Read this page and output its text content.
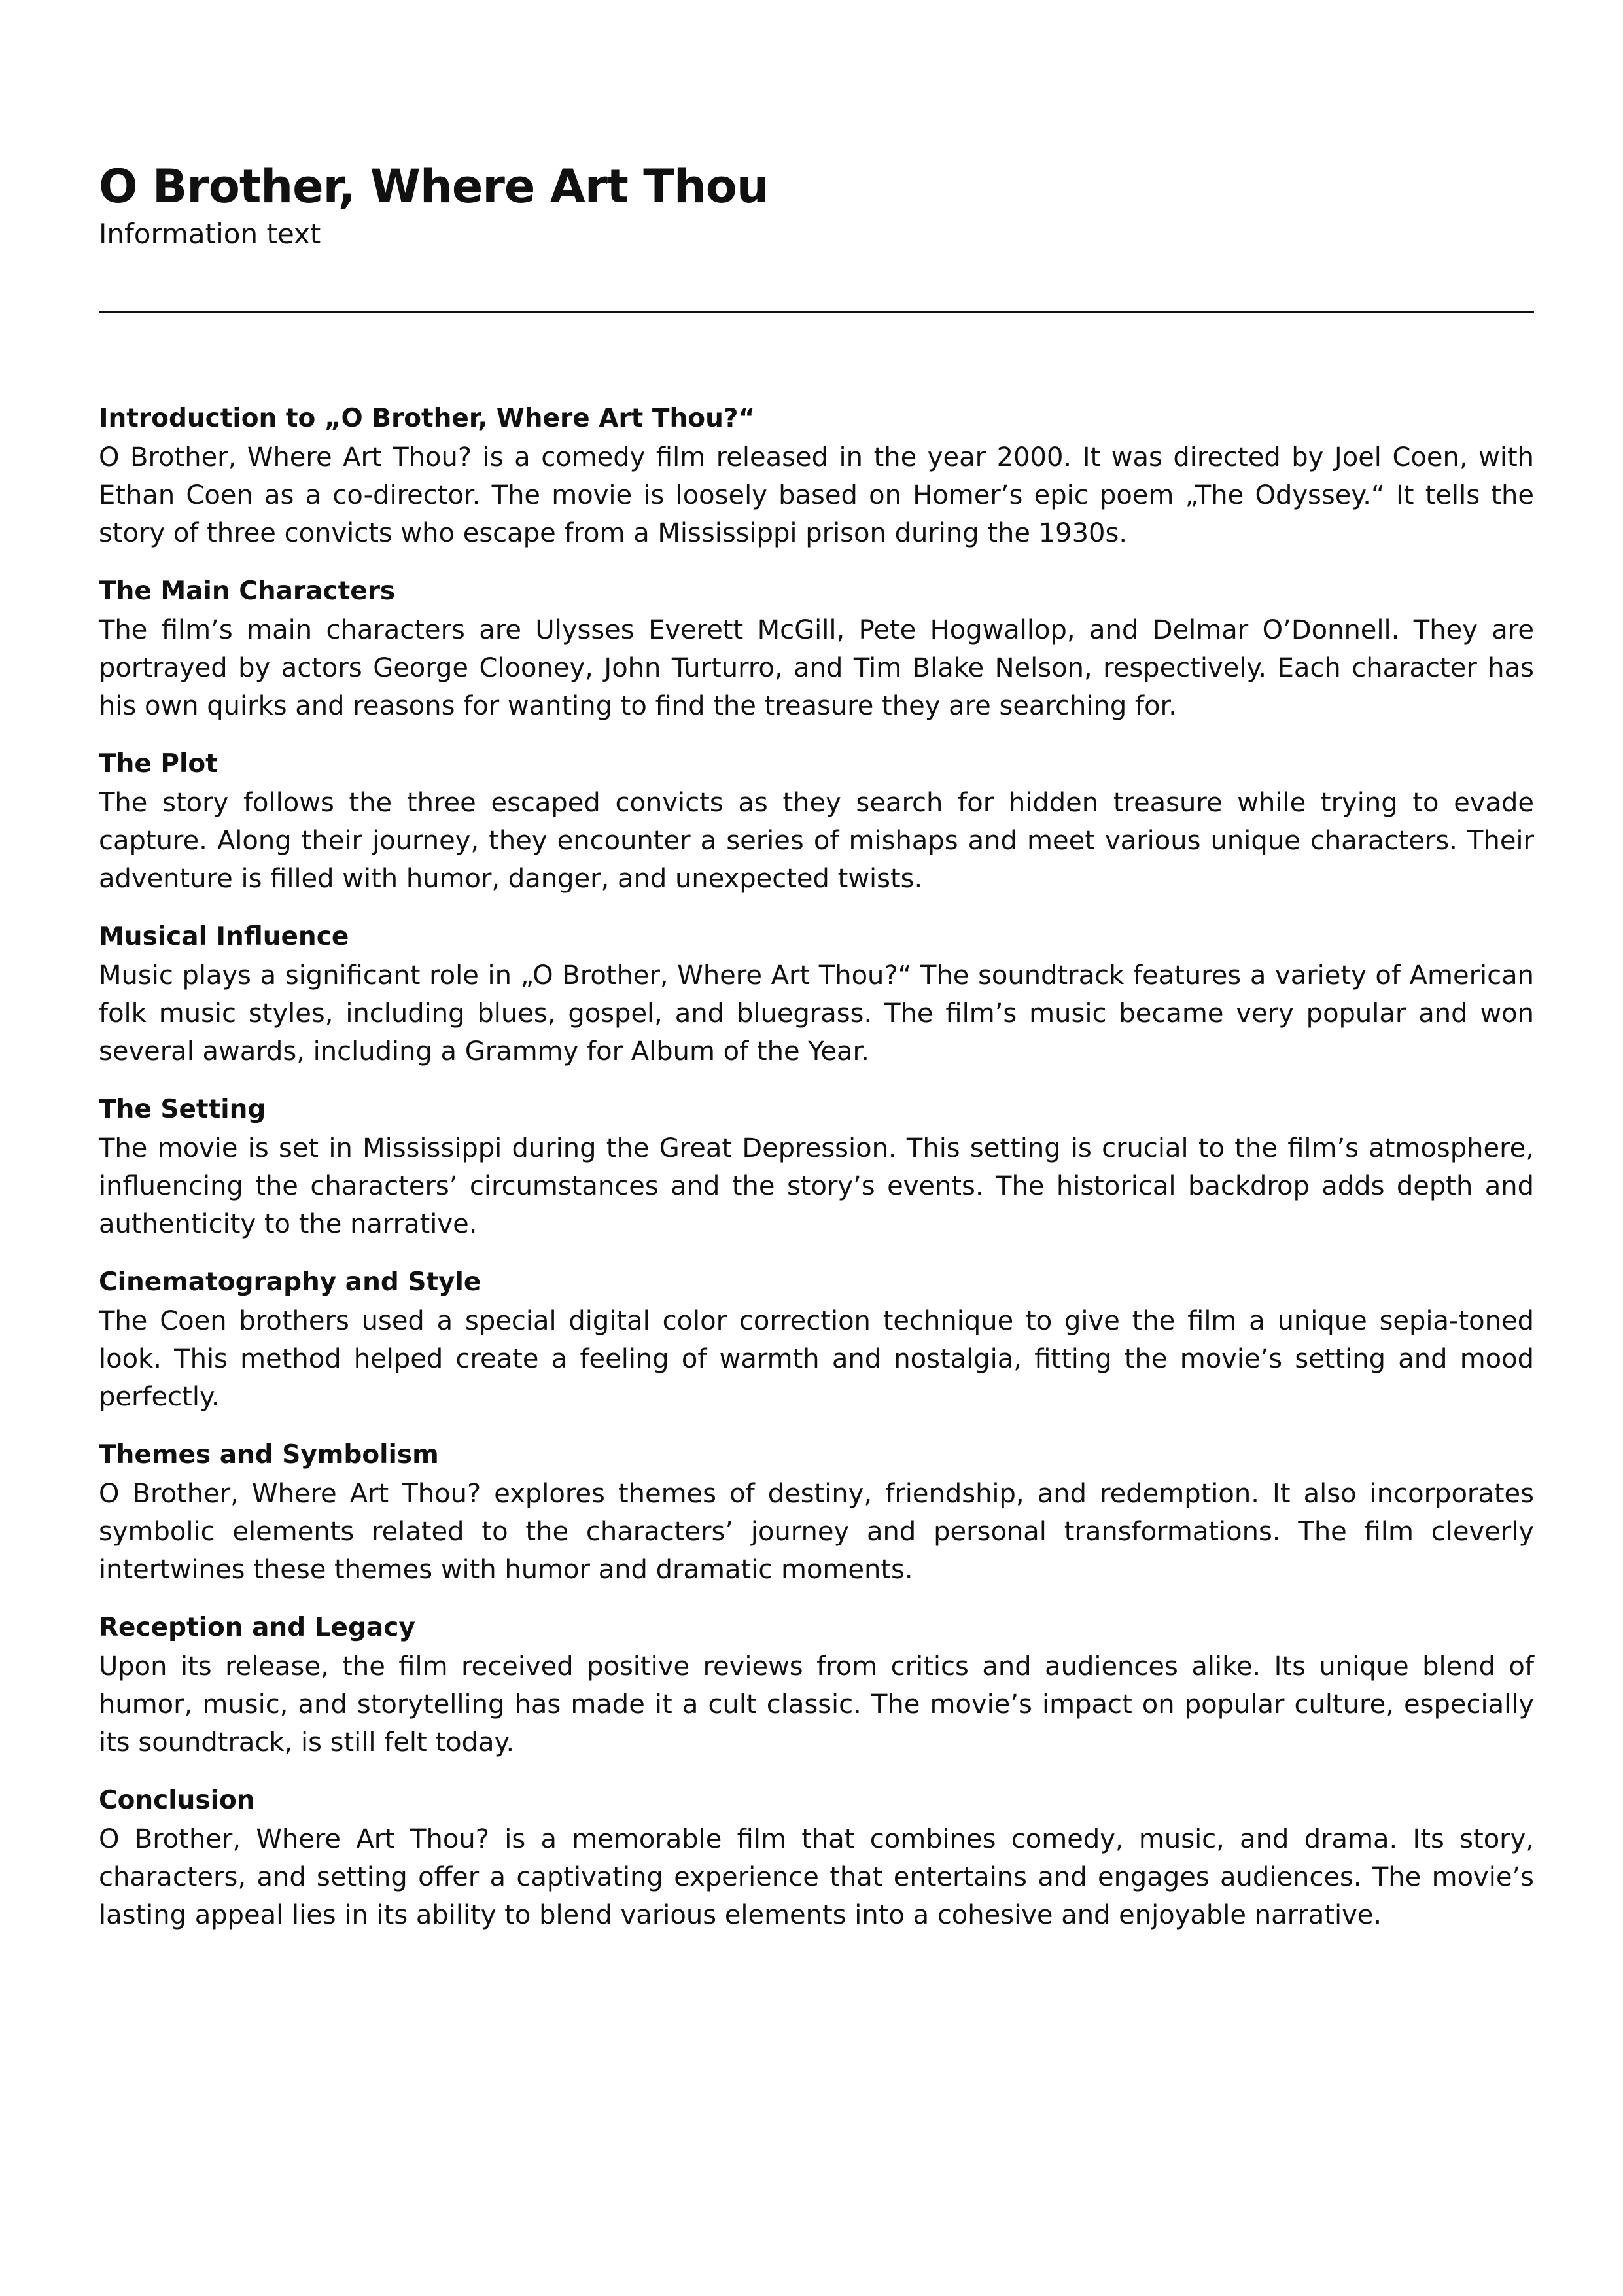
O Brother, Where Art Thou

Information text

Introduction to „O Brother, Where Art Thou?“

O Brother, Where Art Thou? is a comedy film released in the year 2000. It was directed by Joel Coen, with Ethan Coen as a co-director. The movie is loosely based on Homer’s epic poem „The Odyssey.“ It tells the story of three convicts who escape from a Mississippi prison during the 1930s.

The Main Characters

The film’s main characters are Ulysses Everett McGill, Pete Hogwallop, and Delmar O’Donnell. They are portrayed by actors George Clooney, John Turturro, and Tim Blake Nelson, respectively. Each character has his own quirks and reasons for wanting to find the treasure they are searching for.

The Plot

The story follows the three escaped convicts as they search for hidden treasure while trying to evade capture. Along their journey, they encounter a series of mishaps and meet various unique characters. Their adventure is filled with humor, danger, and unexpected twists.

Musical Influence

Music plays a significant role in „O Brother, Where Art Thou?“ The soundtrack features a variety of American folk music styles, including blues, gospel, and bluegrass. The film’s music became very popular and won several awards, including a Grammy for Album of the Year.

The Setting

The movie is set in Mississippi during the Great Depression. This setting is crucial to the film’s atmosphere, influencing the characters’ circumstances and the story’s events. The historical backdrop adds depth and authenticity to the narrative.

Cinematography and Style

The Coen brothers used a special digital color correction technique to give the film a unique sepia-toned look. This method helped create a feeling of warmth and nostalgia, fitting the movie’s setting and mood perfectly.

Themes and Symbolism

O Brother, Where Art Thou? explores themes of destiny, friendship, and redemption. It also incorporates symbolic elements related to the characters’ journey and personal transformations. The film cleverly intertwines these themes with humor and dramatic moments.

Reception and Legacy

Upon its release, the film received positive reviews from critics and audiences alike. Its unique blend of humor, music, and storytelling has made it a cult classic. The movie’s impact on popular culture, especially its soundtrack, is still felt today.

Conclusion

O Brother, Where Art Thou? is a memorable film that combines comedy, music, and drama. Its story, characters, and setting offer a captivating experience that entertains and engages audiences. The movie’s lasting appeal lies in its ability to blend various elements into a cohesive and enjoyable narrative.
